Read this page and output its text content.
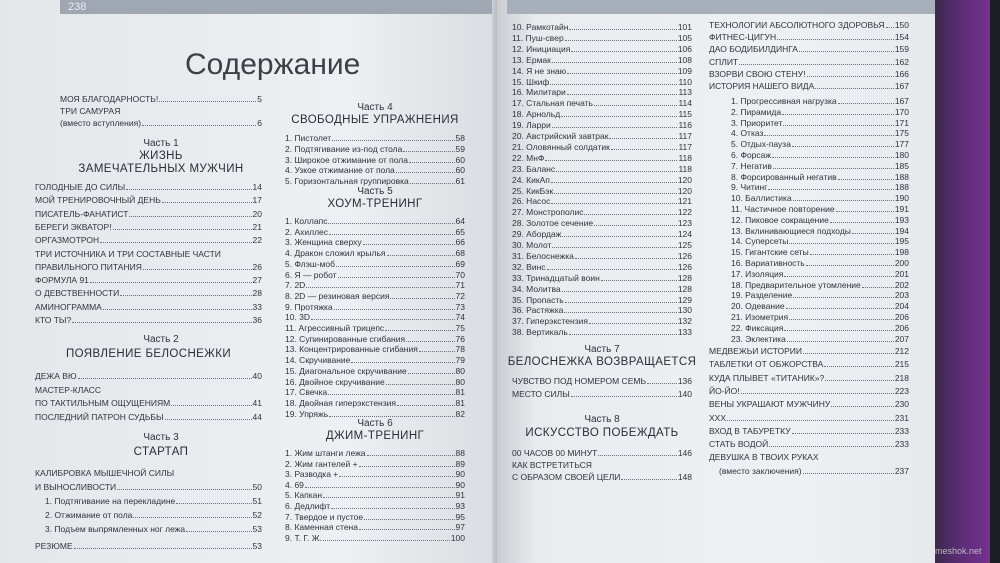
238
Содержание
МОЯ БЛАГОДАРНОСТЬ!	5
ТРИ САМУРАЯ
(вместо вступления)	6
Часть 1
ЖИЗНЬ
ЗАМЕЧАТЕЛЬНЫХ МУЖЧИН
ГОЛОДНЫЕ ДО СИЛЫ	14
МОЙ ТРЕНИРОВОЧНЫЙ ДЕНЬ	17
ПИСАТЕЛЬ-ФАНАТИСТ	20
БЕРЕГИ ЭКВАТОР!	21
ОРГАЗМОТРОН	22
ТРИ ИСТОЧНИКА И ТРИ СОСТАВНЫЕ ЧАСТИ
ПРАВИЛЬНОГО ПИТАНИЯ	26
ФОРМУЛА 91	27
О ДЕВСТВЕННОСТИ	28
АМИНОГРАММА	33
КТО ТЫ?	36
Часть 2
ПОЯВЛЕНИЕ БЕЛОСНЕЖКИ
ДЕЖА ВЮ	40
МАСТЕР-КЛАСС
ПО ТАКТИЛЬНЫМ ОЩУЩЕНИЯМ	41
ПОСЛЕДНИЙ ПАТРОН СУДЬБЫ	44
Часть 3
СТАРТАП
КАЛИБРОВКА МЫШЕЧНОЙ СИЛЫ
И ВЫНОСЛИВОСТИ	50
1. Подтягивание на перекладине	51
2. Отжимание от пола	52
3. Подъем выпрямленных ног лежа	53
РЕЗЮМЕ	53
Часть 4
СВОБОДНЫЕ УПРАЖНЕНИЯ
1. Пистолет	58
2. Подтягивание из-под стола	59
3. Широкое отжимание от пола	60
4. Узкое отжимание от пола	60
5. Горизонтальная группировка	61
Часть 5
ХОУМ-ТРЕНИНГ
1. Коллапс	64
2. Ахиллес	65
3. Женщина сверху	66
4. Дракон сложил крылья	68
5. Флэш-моб	69
6. Я — робот	70
7. 2D	71
8. 2D — резиновая версия	72
9. Протяжка	73
10. 3D	74
11. Агрессивный трицепс	75
12. Супинированные сгибания	76
13. Концентрированные сгибания	78
14. Скручивание	79
15. Диагональное скручивание	80
16. Двойное скручивание	80
17. Свечка	81
18. Двойная гиперэкстензия	81
19. Упряжь	82
Часть 6
ДЖИМ-ТРЕНИНГ
1. Жим штанги лежа	88
2. Жим гантелей +	89
3. Разводка +	90
4. 69	90
5. Капкан	91
6. Дедлифт	93
7. Твердое и пустое	95
8. Каменная стена	97
9. Т. Г. Ж.	100
10. Рамкотайн	101
11. Пуш-свер	105
12. Инициация	106
13. Ермак	108
14. Я не знаю	109
15. Шкиф	110
16. Милитари	113
17. Стальная печать	114
18. Арнольд	115
19. Ларри	116
20. Австрийский завтрак	117
21. Оловянный солдатик	117
22. МнФ	118
23. Баланс	118
24. КикАп	120
25. КикБэк	120
26. Насос	121
27. Монстрополис	122
28. Золотое сечение	123
29. Абордаж	124
30. Молот	125
31. Белоснежка	126
32. Винс	126
33. Тринадцатый воин	128
34. Молитва	128
35. Пропасть	129
36. Растяжка	130
37. Гиперэкстензия	132
38. Вертикаль	133
Часть 7
БЕЛОСНЕЖКА ВОЗВРАЩАЕТСЯ
ЧУВСТВО ПОД НОМЕРОМ СЕМЬ	136
МЕСТО СИЛЫ	140
Часть 8
ИСКУССТВО ПОБЕЖДАТЬ
00 ЧАСОВ 00 МИНУТ	146
КАК ВСТРЕТИТЬСЯ
С ОБРАЗОМ СВОЕЙ ЦЕЛИ	148
ТЕХНОЛОГИИ АБСОЛЮТНОГО ЗДОРОВЬЯ 150
ФИТНЕС-ЦИГУН	154
ДАО БОДИБИЛДИНГА	159
СПЛИТ	162
ВЗОРВИ СВОЮ СТЕНУ!	166
ИСТОРИЯ НАШЕГО ВИДА	167
1. Прогрессивная нагрузка	167
2. Пирамида	170
3. Приоритет	171
4. Отказ	175
5. Отдых-пауза	177
6. Форсаж	180
7. Негатив	185
8. Форсированный негатив	188
9. Читинг	188
10. Баллистика	190
11. Частичное повторение	191
12. Пиковое сокращение	193
13. Вклинивающиеся подходы	194
14. Суперсеты	195
15. Гигантские сеты	198
16. Вариативность	200
17. Изоляция	201
18. Предварительное утомление	202
19. Разделение	203
20. Одевание	204
21. Изометрия	206
22. Фиксация	206
23. Эклектика	207
МЕДВЕЖЬИ ИСТОРИИ	212
ТАБЛЕТКИ ОТ ОБЖОРСТВА	215
КУДА ПЛЫВЕТ «ТИТАНИК»?	218
ЙО-ЙО!	223
ВЕНЫ УКРАШАЮТ МУЖЧИНУ	230
XXX	231
ВХОД В ТАБУРЕТКУ	233
СТАТЬ ВОДОЙ	233
ДЕВУШКА В ТВОИХ РУКАХ
(вместо заключения)	237
meshok.net
